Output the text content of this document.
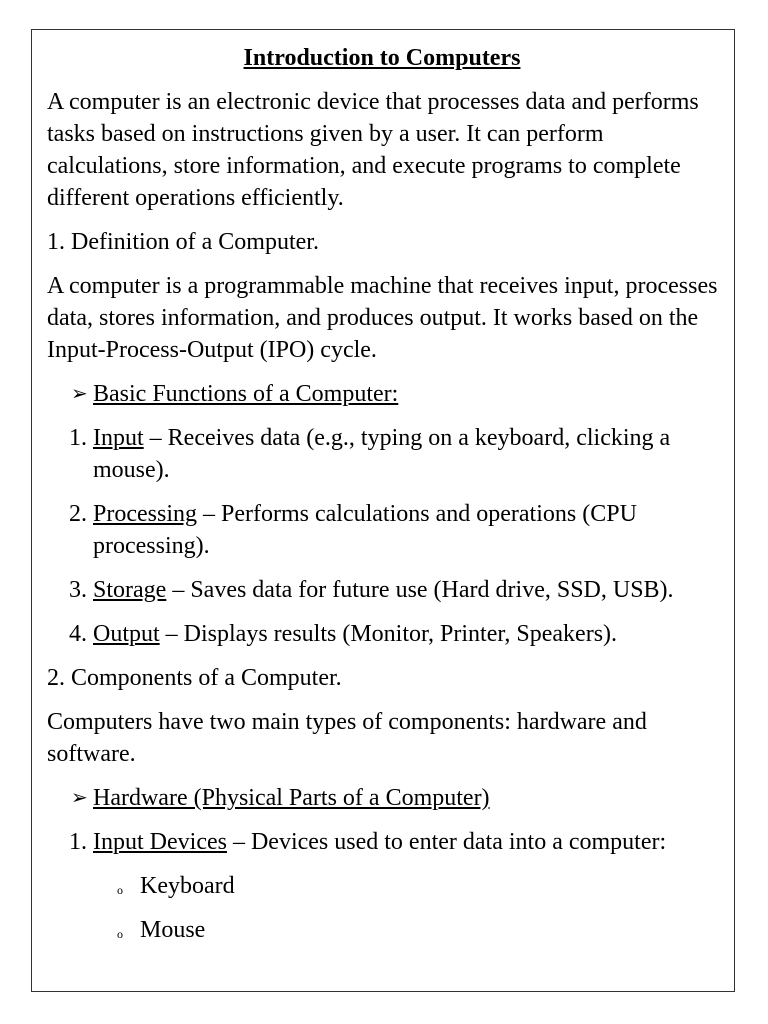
Introduction to Computers
A computer is an electronic device that processes data and performs tasks based on instructions given by a user. It can perform calculations, store information, and execute programs to complete different operations efficiently.
1. Definition of a Computer.
A computer is a programmable machine that receives input, processes data, stores information, and produces output. It works based on the Input-Process-Output (IPO) cycle.
➢ Basic Functions of a Computer:
1. Input – Receives data (e.g., typing on a keyboard, clicking a mouse).
2. Processing – Performs calculations and operations (CPU processing).
3. Storage – Saves data for future use (Hard drive, SSD, USB).
4. Output – Displays results (Monitor, Printer, Speakers).
2. Components of a Computer.
Computers have two main types of components: hardware and software.
➢ Hardware (Physical Parts of a Computer)
1. Input Devices – Devices used to enter data into a computer:
o Keyboard
o Mouse
